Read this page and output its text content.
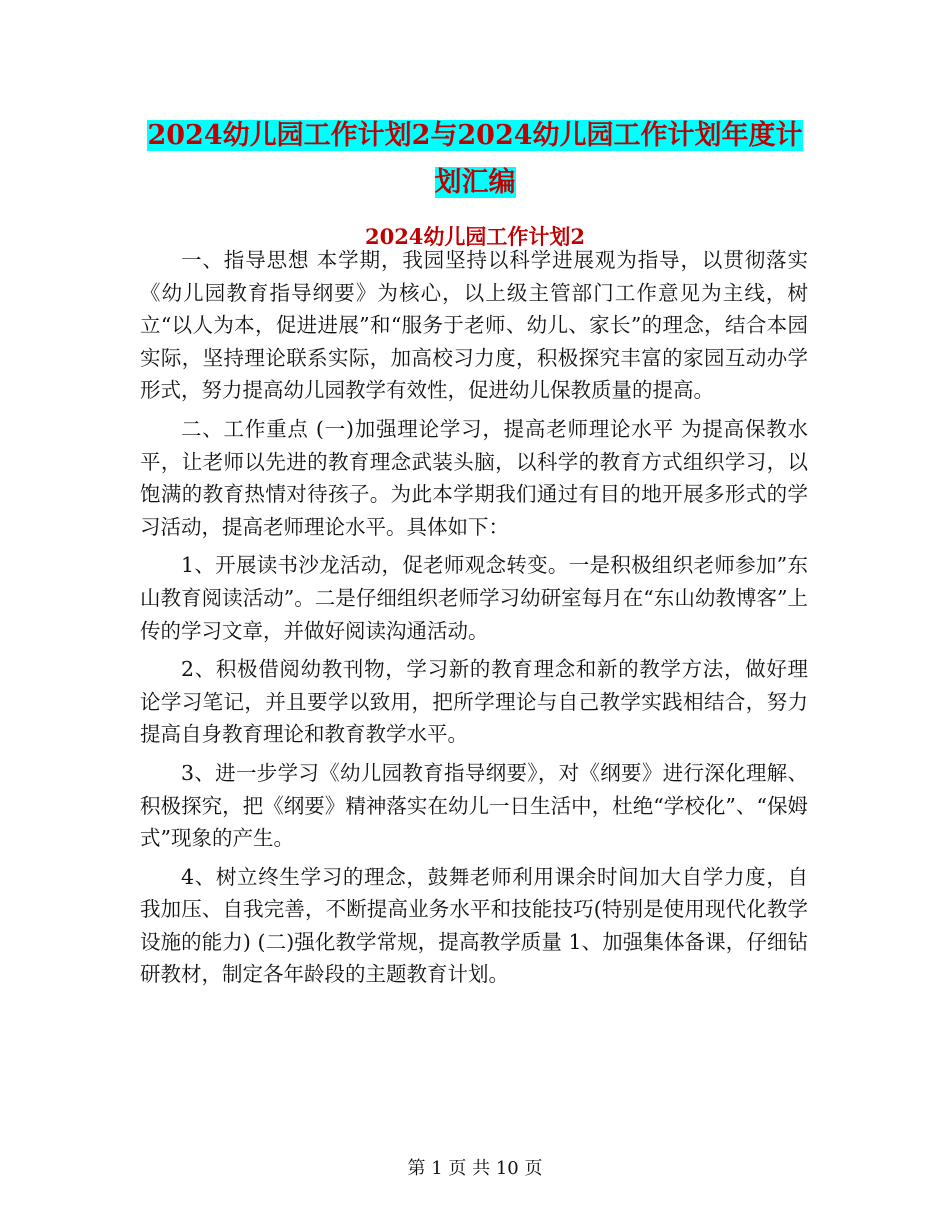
2024幼儿园工作计划2与2024幼儿园工作计划年度计划汇编
2024幼儿园工作计划2

一、指导思想 本学期，我园坚持以科学进展观为指导，以贯彻落实《幼儿园教育指导纲要》为核心，以上级主管部门工作意见为主线，树立“以人为本，促进进展”和“服务于老师、幼儿、家长”的理念，结合本园实际，坚持理论联系实际，加高校习力度，积极探究丰富的家园互动办学形式，努力提高幼儿园教学有效性，促进幼儿保教质量的提高。

二、工作重点 (一)加强理论学习，提高老师理论水平 为提高保教水平，让老师以先进的教育理念武装头脑，以科学的教育方式组织学习，以饱满的教育热情对待孩子。为此本学期我们通过有目的地开展多形式的学习活动，提高老师理论水平。具体如下：

1、开展读书沙龙活动，促老师观念转变。一是积极组织老师参加”东山教育阅读活动”。二是仔细组织老师学习幼研室每月在“东山幼教博客”上传的学习文章，并做好阅读沟通活动。

2、积极借阅幼教刊物，学习新的教育理念和新的教学方法，做好理论学习笔记，并且要学以致用，把所学理论与自己教学实践相结合，努力提高自身教育理论和教育教学水平。

3、进一步学习《幼儿园教育指导纲要》，对《纲要》进行深化理解、积极探究，把《纲要》精神落实在幼儿一日生活中，杜绝“学校化”、“保姆式”现象的产生。

4、树立终生学习的理念，鼓舞老师利用课余时间加大自学力度，自我加压、自我完善，不断提高业务水平和技能技巧(特别是使用现代化教学设施的能力) (二)强化教学常规，提高教学质量 1、加强集体备课，仔细钻研教材，制定各年龄段的主题教育计划。

第 1 页 共 10 页
